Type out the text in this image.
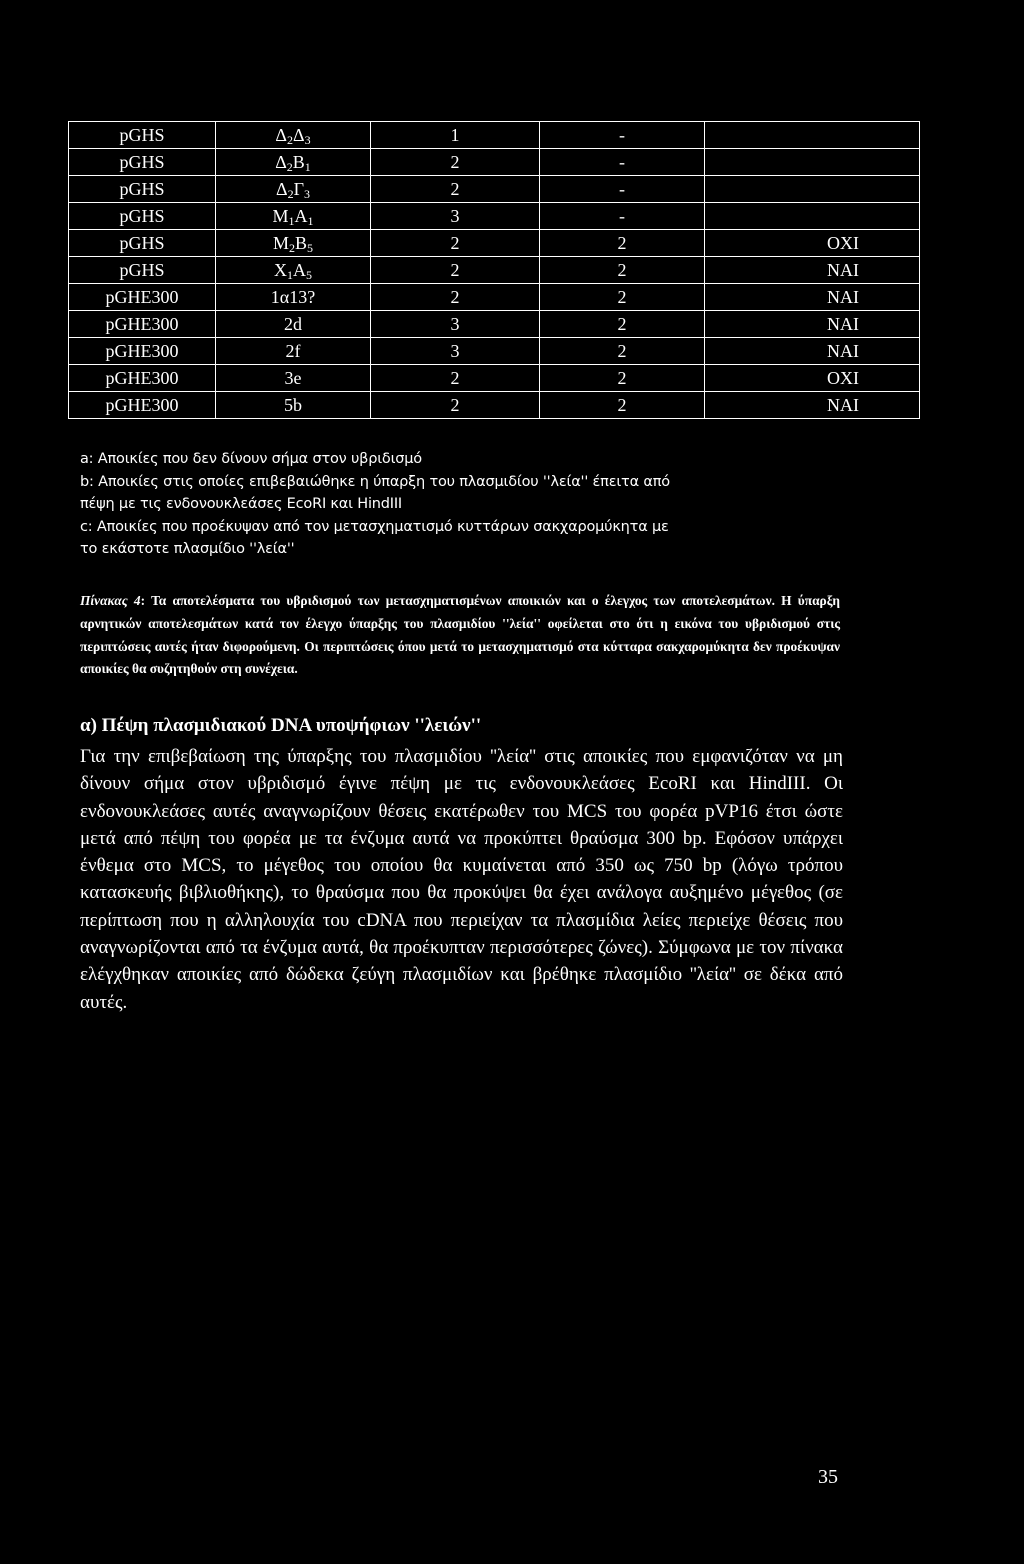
pGHS	$\Delta_2\Delta_3$	1	-	
pGHS	$\Delta_2B_1$	2	-	
pGHS	$\Delta_2\Gamma_3$	2	-	
pGHS	$M_1A_1$	3	-	
pGHS	$M_2B_5$	2	2	OXI
pGHS	$X_1A_5$	2	2	NAI
pGHE300	1α13?	2	2	NAI
pGHE300	2d	3	2	NAI
pGHE300	2f	3	2	NAI
pGHE300	3e	2	2	OXI
pGHE300	5b	2	2	NAI

a: Αποικίες που δεν δίνουν σήμα στον υβριδισμό

b: Αποικίες στις οποίες επιβεβαιώθηκε η ύπαρξη του πλασμιδίου ''λεία'' έπειτα από

πέψη με τις ενδονουκλεάσες EcoRI και HindIII

c: Αποικίες που προέκυψαν από τον μετασχηματισμό κυττάρων σακχαρομύκητα με

το εκάστοτε πλασμίδιο ''λεία''

Πίνακας 4: Τα αποτελέσματα του υβριδισμού των μετασχηματισμένων αποικιών και ο έλεγχος των αποτελεσμάτων. Η ύπαρξη αρνητικών αποτελεσμάτων κατά τον έλεγχο ύπαρξης του πλασμιδίου ''λεία'' οφείλεται στο ότι η εικόνα του υβριδισμού στις περιπτώσεις αυτές ήταν διφορούμενη. Οι περιπτώσεις όπου μετά το μετασχηματισμό στα κύτταρα σακχαρομύκητα δεν προέκυψαν αποικίες θα συζητηθούν στη συνέχεια.
α) Πέψη πλασμιδιακού DNA υποψήφιων ''λειών''
Για την επιβεβαίωση της ύπαρξης του πλασμιδίου ''λεία'' στις αποικίες που εμφανιζόταν να μη δίνουν σήμα στον υβριδισμό έγινε πέψη με τις ενδονουκλεάσες EcoRI και HindIII. Οι ενδονουκλεάσες αυτές αναγνωρίζουν θέσεις εκατέρωθεν του MCS του φορέα pVP16 έτσι ώστε μετά από πέψη του φορέα με τα ένζυμα αυτά να προκύπτει θραύσμα 300 bp. Εφόσον υπάρχει ένθεμα στο MCS, το μέγεθος του οποίου θα κυμαίνεται από 350 ως 750 bp (λόγω τρόπου κατασκευής βιβλιοθήκης), το θραύσμα που θα προκύψει θα έχει ανάλογα αυξημένο μέγεθος (σε περίπτωση που η αλληλουχία του cDNA που περιείχαν τα πλασμίδια λείες περιείχε θέσεις που αναγνωρίζονται από τα ένζυμα αυτά, θα προέκυπταν περισσότερες ζώνες). Σύμφωνα με τον πίνακα ελέγχθηκαν αποικίες από δώδεκα ζεύγη πλασμιδίων και βρέθηκε πλασμίδιο ''λεία'' σε δέκα από αυτές.
35
